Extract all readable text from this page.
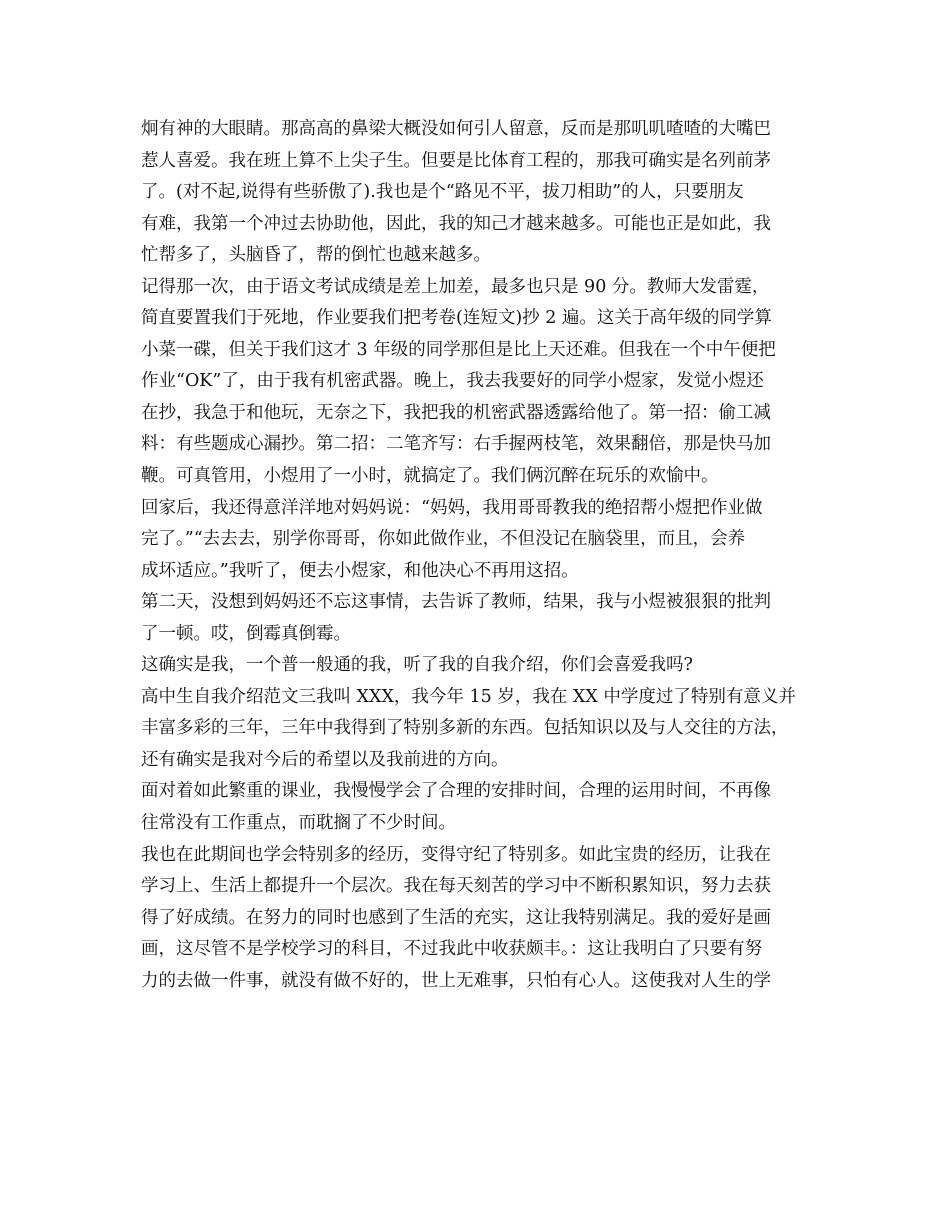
炯有神的大眼睛。那高高的鼻梁大概没如何引人留意，反而是那叽叽喳喳的大嘴巴
惹人喜爱。我在班上算不上尖子生。但要是比体育工程的，那我可确实是名列前茅
了。(对不起,说得有些骄傲了).我也是个“路见不平，拔刀相助”的人，只要朋友
有难，我第一个冲过去协助他，因此，我的知己才越来越多。可能也正是如此，我
忙帮多了，头脑昏了，帮的倒忙也越来越多。
记得那一次，由于语文考试成绩是差上加差，最多也只是 90 分。教师大发雷霆，
简直要置我们于死地，作业要我们把考卷(连短文)抄 2 遍。这关于高年级的同学算
小菜一碟，但关于我们这才 3 年级的同学那但是比上天还难。但我在一个中午便把
作业“OK”了，由于我有机密武器。晚上，我去我要好的同学小煜家，发觉小煜还
在抄，我急于和他玩，无奈之下，我把我的机密武器透露给他了。第一招：偷工减
料：有些题成心漏抄。第二招：二笔齐写：右手握两枝笔，效果翻倍，那是快马加
鞭。可真管用，小煜用了一小时，就搞定了。我们俩沉醉在玩乐的欢愉中。
回家后，我还得意洋洋地对妈妈说：“妈妈，我用哥哥教我的绝招帮小煜把作业做
完了。”“去去去，别学你哥哥，你如此做作业，不但没记在脑袋里，而且，会养
成坏适应。”我听了，便去小煜家，和他决心不再用这招。
第二天，没想到妈妈还不忘这事情，去告诉了教师，结果，我与小煜被狠狠的批判
了一顿。哎，倒霉真倒霉。
这确实是我，一个普一般通的我，听了我的自我介绍，你们会喜爱我吗?
高中生自我介绍范文三我叫 XXX，我今年 15 岁，我在 XX 中学度过了特别有意义并
丰富多彩的三年，三年中我得到了特别多新的东西。包括知识以及与人交往的方法，
还有确实是我对今后的希望以及我前进的方向。
面对着如此繁重的课业，我慢慢学会了合理的安排时间，合理的运用时间，不再像
往常没有工作重点，而耽搁了不少时间。
我也在此期间也学会特别多的经历，变得守纪了特别多。如此宝贵的经历，让我在
学习上、生活上都提升一个层次。我在每天刻苦的学习中不断积累知识，努力去获
得了好成绩。在努力的同时也感到了生活的充实，这让我特别满足。我的爱好是画
画，这尽管不是学校学习的科目，不过我此中收获颇丰。：这让我明白了只要有努
力的去做一件事，就没有做不好的，世上无难事，只怕有心人。这使我对人生的学
